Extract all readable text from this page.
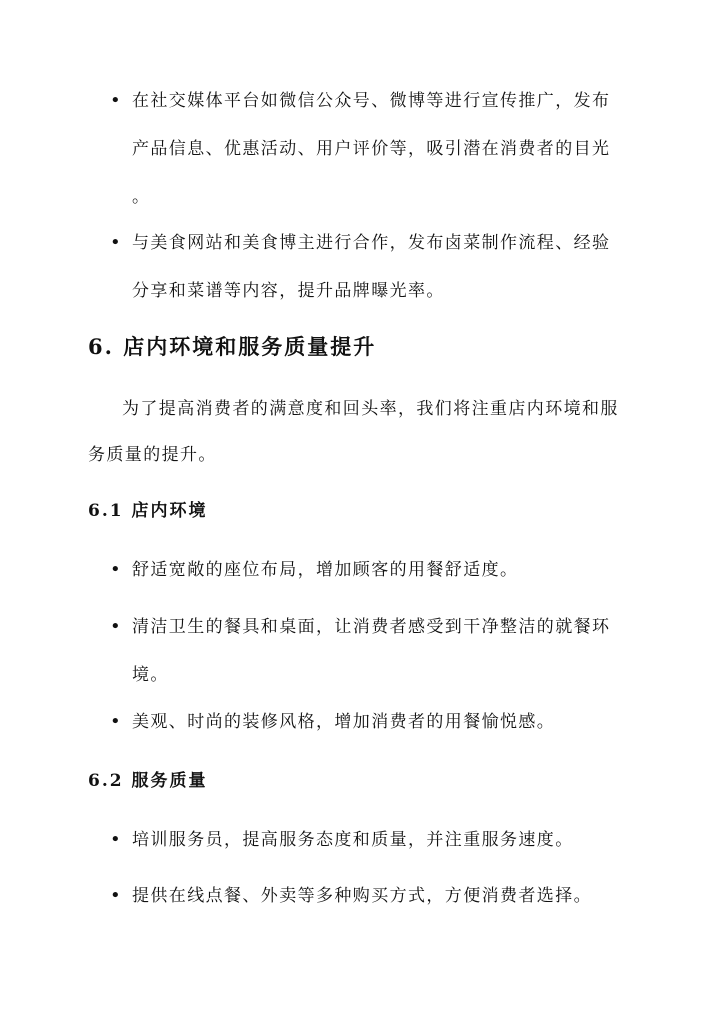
• 在社交媒体平台如微信公众号、微博等进行宣传推广，发布
产品信息、优惠活动、用户评价等，吸引潜在消费者的目光
。
• 与美食网站和美食博主进行合作，发布卤菜制作流程、经验
分享和菜谱等内容，提升品牌曝光率。
6. 店内环境和服务质量提升
为了提高消费者的满意度和回头率，我们将注重店内环境和服
务质量的提升。
6.1 店内环境
• 舒适宽敞的座位布局，增加顾客的用餐舒适度。
• 清洁卫生的餐具和桌面，让消费者感受到干净整洁的就餐环
境。
• 美观、时尚的装修风格，增加消费者的用餐愉悦感。
6.2 服务质量
• 培训服务员，提高服务态度和质量，并注重服务速度。
• 提供在线点餐、外卖等多种购买方式，方便消费者选择。
